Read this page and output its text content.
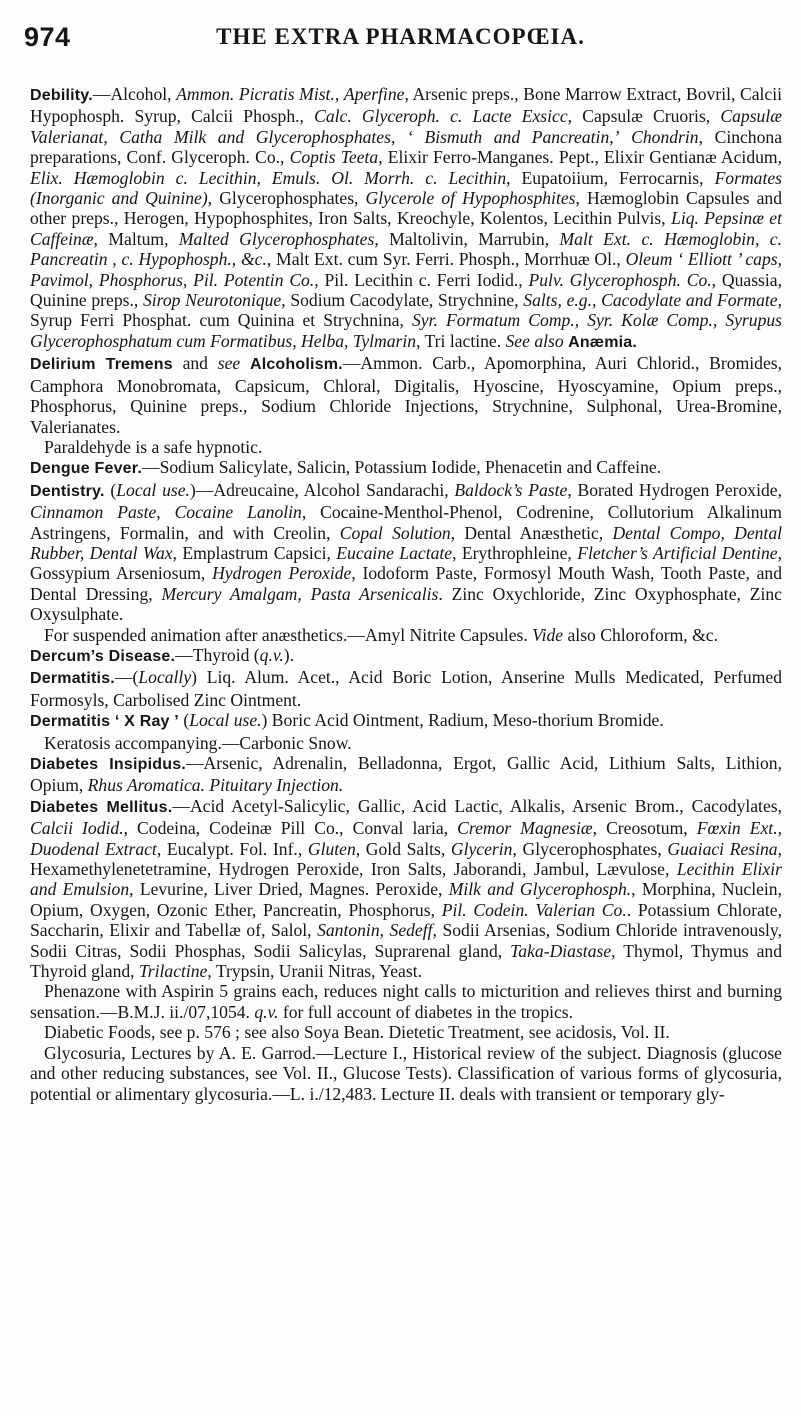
974	THE EXTRA PHARMACOPŒIA.

Debility.—Alcohol, Ammon. Picratis Mist., Aperfine, Arsenic preps., Bone Marrow Extract, Bovril, Calcii Hypophosph. Syrup, Calcii Phosph., Calc. Glyceroph. c. Lacte Exsicc, Capsulæ Cruoris, Capsulæ Valerianat, Catha Milk and Glycerophosphates, ‘ Bismuth and Pancreatin,’ Chondrin, Cinchona preparations, Conf. Glyceroph. Co., Coptis Teeta, Elixir Ferro-Manganes. Pept., Elixir Gentianæ Acidum, Elix. Hæmoglobin c. Lecithin, Emuls. Ol. Morrh. c. Lecithin, Eupatoiium, Ferrocarnis, Formates (Inorganic and Quinine), Glycerophosphates, Glycerole of Hypophosphites, Hæmoglobin Capsules and other preps., Herogen, Hypophosphites, Iron Salts, Kreochyle, Kolentos, Lecithin Pulvis, Liq. Pepsinæ et Caffeinæ, Maltum, Malted Glycerophosphates, Maltolivin, Marrubin, Malt Ext. c. Hæmoglobin, c. Pancreatin , c. Hypophosph., &c., Malt Ext. cum Syr. Ferri. Phosph., Morrhuæ Ol., Oleum ‘ Elliott ’ caps, Pavimol, Phosphorus, Pil. Potentin Co., Pil. Lecithin c. Ferri Iodid., Pulv. Glycerophosph. Co., Quassia, Quinine preps., Sirop Neurotonique, Sodium Cacodylate, Strychnine, Salts, e.g., Cacodylate and Formate, Syrup Ferri Phosphat. cum Quinina et Strychnina, Syr. Formatum Comp., Syr. Kolæ Comp., Syrupus Glycerophosphatum cum Formatibus, Helba, Tylmarin, Tri lactine. See also Anæmia.

Delirium Tremens and see Alcoholism.—Ammon. Carb., Apomorphina, Auri Chlorid., Bromides, Camphora Monobromata, Capsicum, Chloral, Digitalis, Hyoscine, Hyoscyamine, Opium preps., Phosphorus, Quinine preps., Sodium Chloride Injections, Strychnine, Sulphonal, Urea-Bromine, Valerianates.

Paraldehyde is a safe hypnotic.

Dengue Fever.—Sodium Salicylate, Salicin, Potassium Iodide, Phenacetin and Caffeine.

Dentistry. (Local use.)—Adreucaine, Alcohol Sandarachi, Baldock’s Paste, Borated Hydrogen Peroxide, Cinnamon Paste, Cocaine Lanolin, Cocaine-Menthol-Phenol, Codrenine, Collutorium Alkalinum Astringens, Formalin, and with Creolin, Copal Solution, Dental Anæsthetic, Dental Compo, Dental Rubber, Dental Wax, Emplastrum Capsici, Eucaine Lactate, Erythrophleine, Fletcher’s Artificial Dentine, Gossypium Arseniosum, Hydrogen Peroxide, Iodoform Paste, Formosyl Mouth Wash, Tooth Paste, and Dental Dressing, Mercury Amalgam, Pasta Arsenicalis. Zinc Oxychloride, Zinc Oxyphosphate, Zinc Oxysulphate.

For suspended animation after anæsthetics.—Amyl Nitrite Capsules. Vide also Chloroform, &c.

Dercum’s Disease.—Thyroid (q.v.).

Dermatitis.—(Locally) Liq. Alum. Acet., Acid Boric Lotion, Anserine Mulls Medicated, Perfumed Formosyls, Carbolised Zinc Ointment.

Dermatitis ‘ X Ray ’ (Local use.) Boric Acid Ointment, Radium, Meso-thorium Bromide.

Keratosis accompanying.—Carbonic Snow.

Diabetes Insipidus.—Arsenic, Adrenalin, Belladonna, Ergot, Gallic Acid, Lithium Salts, Lithion, Opium, Rhus Aromatica. Pituitary Injection.

Diabetes Mellitus.—Acid Acetyl-Salicylic, Gallic, Acid Lactic, Alkalis, Arsenic Brom., Cacodylates, Calcii Iodid., Codeina, Codeinæ Pill Co., Conval laria, Cremor Magnesiæ, Creosotum, Fœxin Ext., Duodenal Extract, Eucalypt. Fol. Inf., Gluten, Gold Salts, Glycerin, Glycerophosphates, Guaiaci Resina, Hexamethylenetetramine, Hydrogen Peroxide, Iron Salts, Jaborandi, Jambul, Lævulose, Lecithin Elixir and Emulsion, Levurine, Liver Dried, Magnes. Peroxide, Milk and Glycerophosph., Morphina, Nuclein, Opium, Oxygen, Ozonic Ether, Pancreatin, Phosphorus, Pil. Codein. Valerian Co.. Potassium Chlorate, Saccharin, Elixir and Tabellæ of, Salol, Santonin, Sedeff, Sodii Arsenias, Sodium Chloride intravenously, Sodii Citras, Sodii Phosphas, Sodii Salicylas, Suprarenal gland, Taka-Diastase, Thymol, Thymus and Thyroid gland, Trilactine, Trypsin, Uranii Nitras, Yeast.

Phenazone with Aspirin 5 grains each, reduces night calls to micturition and relieves thirst and burning sensation.—B.M.J. ii./07,1054. q.v. for full account of diabetes in the tropics.

Diabetic Foods, see p. 576 ; see also Soya Bean. Dietetic Treatment, see acidosis, Vol. II.

Glycosuria, Lectures by A. E. Garrod.—Lecture I., Historical review of the subject. Diagnosis (glucose and other reducing substances, see Vol. II., Glucose Tests). Classification of various forms of glycosuria, potential or alimentary glycosuria.—L. i./12,483. Lecture II. deals with transient or temporary gly-
